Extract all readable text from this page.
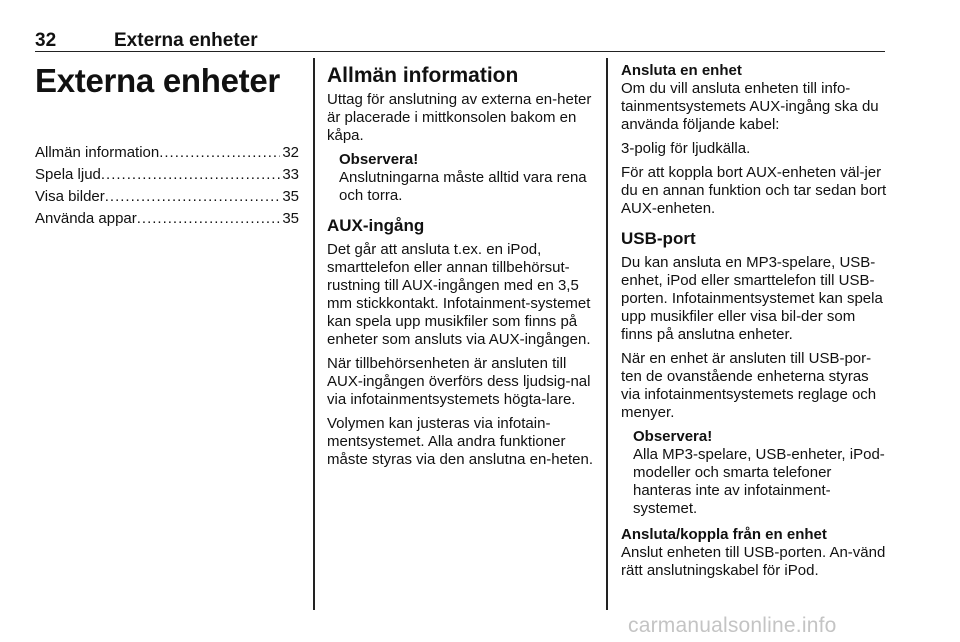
32	Externa enheter
Externa enheter
Allmän information .....	32
Spela ljud .....	33
Visa bilder .....	35
Använda appar .....	35
Allmän information
Uttag för anslutning av externa en-heter är placerade i mittkonsolen bakom en kåpa.
Observera!
Anslutningarna måste alltid vara rena och torra.
AUX-ingång
Det går att ansluta t.ex. en iPod, smarttelefon eller annan tillbehörsut-rustning till AUX-ingången med en 3,5 mm stickkontakt. Infotainment-systemet kan spela upp musikfiler som finns på enheter som ansluts via AUX-ingången.
När tillbehörsenheten är ansluten till AUX-ingången överförs dess ljudsig-nal via infotainmentsystemets högta-lare.
Volymen kan justeras via infotain-mentsystemet. Alla andra funktioner måste styras via den anslutna en-heten.
Ansluta en enhet
Om du vill ansluta enheten till info-tainmentsystemets AUX-ingång ska du använda följande kabel:
3-polig för ljudkälla.
För att koppla bort AUX-enheten väl-jer du en annan funktion och tar sedan bort AUX-enheten.
USB-port
Du kan ansluta en MP3-spelare, USB-enhet, iPod eller smarttelefon till USB-porten. Infotainmentsystemet kan spela upp musikfiler eller visa bil-der som finns på anslutna enheter.
När en enhet är ansluten till USB-por-ten de ovanstående enheterna styras via infotainmentsystemets reglage och menyer.
Observera!
Alla MP3-spelare, USB-enheter, iPod-modeller och smarta telefoner hanteras inte av infotainment-systemet.
Ansluta/koppla från en enhet
Anslut enheten till USB-porten. An-vänd rätt anslutningskabel för iPod.
carmanualsonline.info
